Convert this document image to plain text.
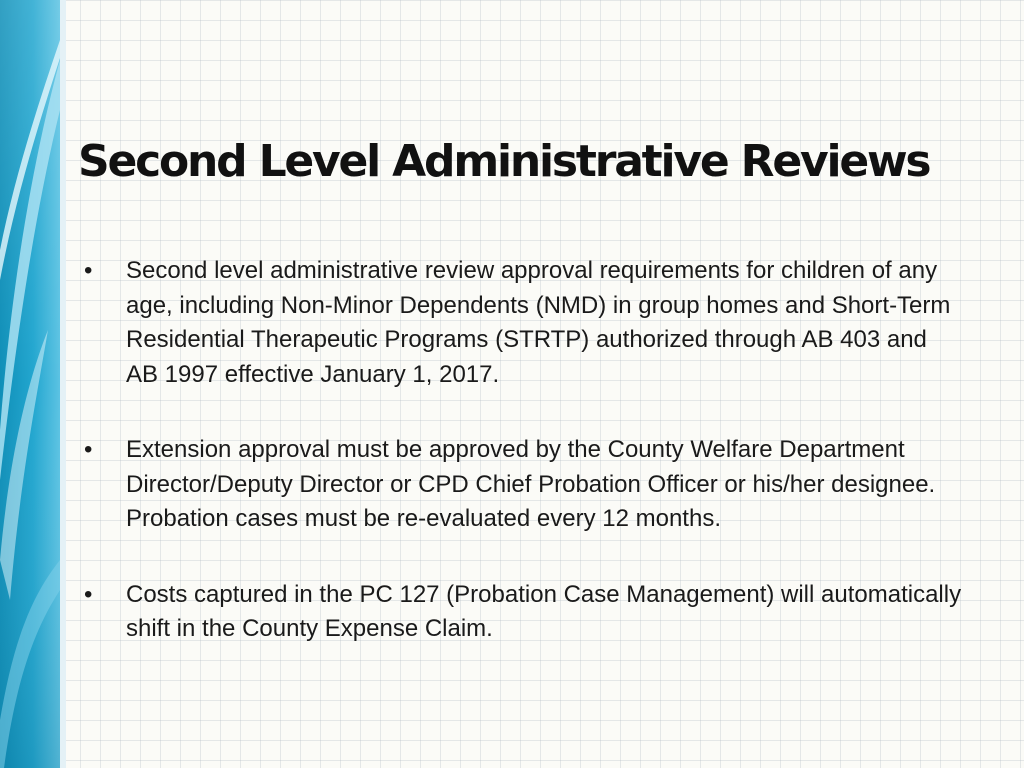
Second Level Administrative Reviews
•	Second level administrative review approval requirements for children of any age, including Non-Minor Dependents (NMD) in group homes and Short-Term Residential Therapeutic Programs (STRTP) authorized through AB 403 and AB 1997 effective January 1, 2017.
•	Extension approval must be approved by the County Welfare Department Director/Deputy Director or CPD Chief Probation Officer or his/her designee. Probation cases must be re-evaluated every 12 months.
•	Costs captured in the PC 127 (Probation Case Management) will automatically shift in the County Expense Claim.
